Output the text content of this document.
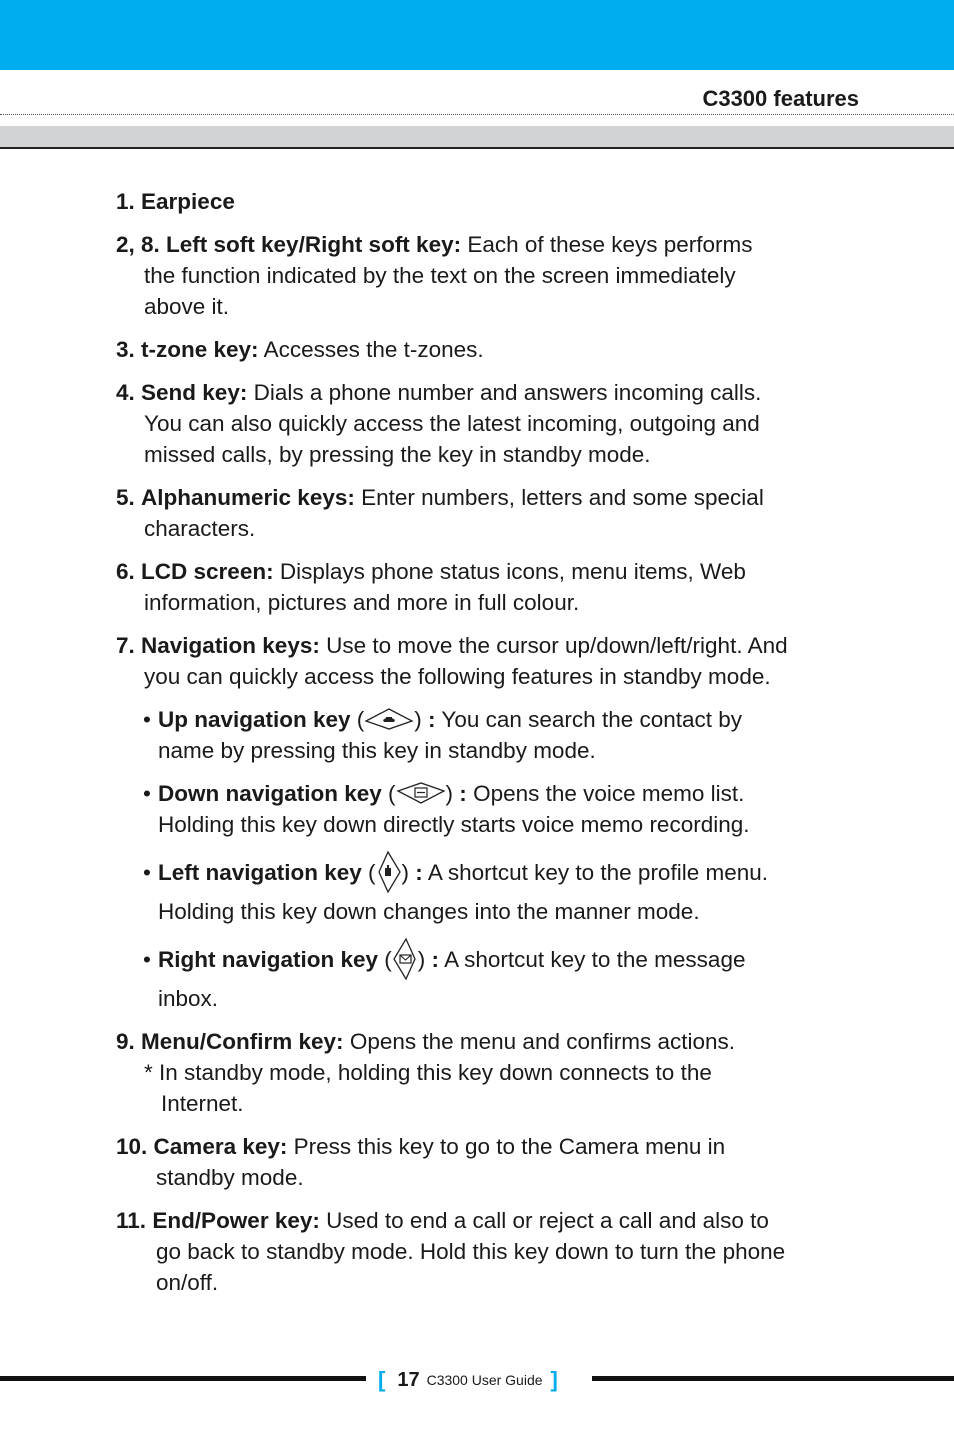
C3300 features
1. Earpiece
2, 8. Left soft key/Right soft key: Each of these keys performs
the function indicated by the text on the screen immediately
above it.
3. t-zone key: Accesses the t-zones.
4. Send key: Dials a phone number and answers incoming calls.
You can also quickly access the latest incoming, outgoing and
missed calls, by pressing the key in standby mode.
5. Alphanumeric keys: Enter numbers, letters and some special
characters.
6. LCD screen: Displays phone status icons, menu items, Web
information, pictures and more in full colour.
7. Navigation keys: Use to move the cursor up/down/left/right. And
you can quickly access the following features in standby mode.
• Up navigation key ( ) : You can search the contact by
name by pressing this key in standby mode.
• Down navigation key ( ) : Opens the voice memo list.
Holding this key down directly starts voice memo recording.
• Left navigation key ( ) : A shortcut key to the profile menu.
Holding this key down changes into the manner mode.
• Right navigation key ( ) : A shortcut key to the message
inbox.
9. Menu/Confirm key: Opens the menu and confirms actions.
* In standby mode, holding this key down connects to the
Internet.
10. Camera key: Press this key to go to the Camera menu in
standby mode.
11. End/Power key: Used to end a call or reject a call and also to
go back to standby mode. Hold this key down to turn the phone
on/off.
[ 17 C3300 User Guide ]
